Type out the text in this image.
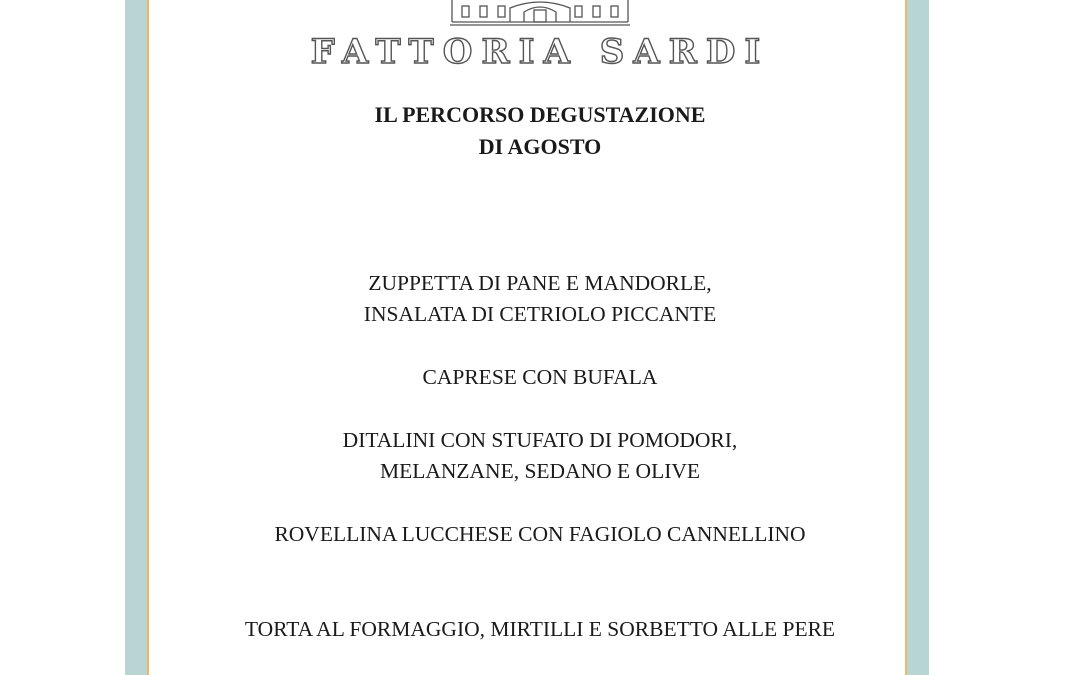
FATTORIA SARDI
IL PERCORSO DEGUSTAZIONE
DI AGOSTO
ZUPPETTA DI PANE E MANDORLE,
INSALATA DI CETRIOLO PICCANTE
CAPRESE CON BUFALA
DITALINI CON STUFATO DI POMODORI,
MELANZANE, SEDANO E OLIVE
ROVELLINA LUCCHESE CON FAGIOLO CANNELLINO
TORTA AL FORMAGGIO, MIRTILLI E SORBETTO ALLE PERE
